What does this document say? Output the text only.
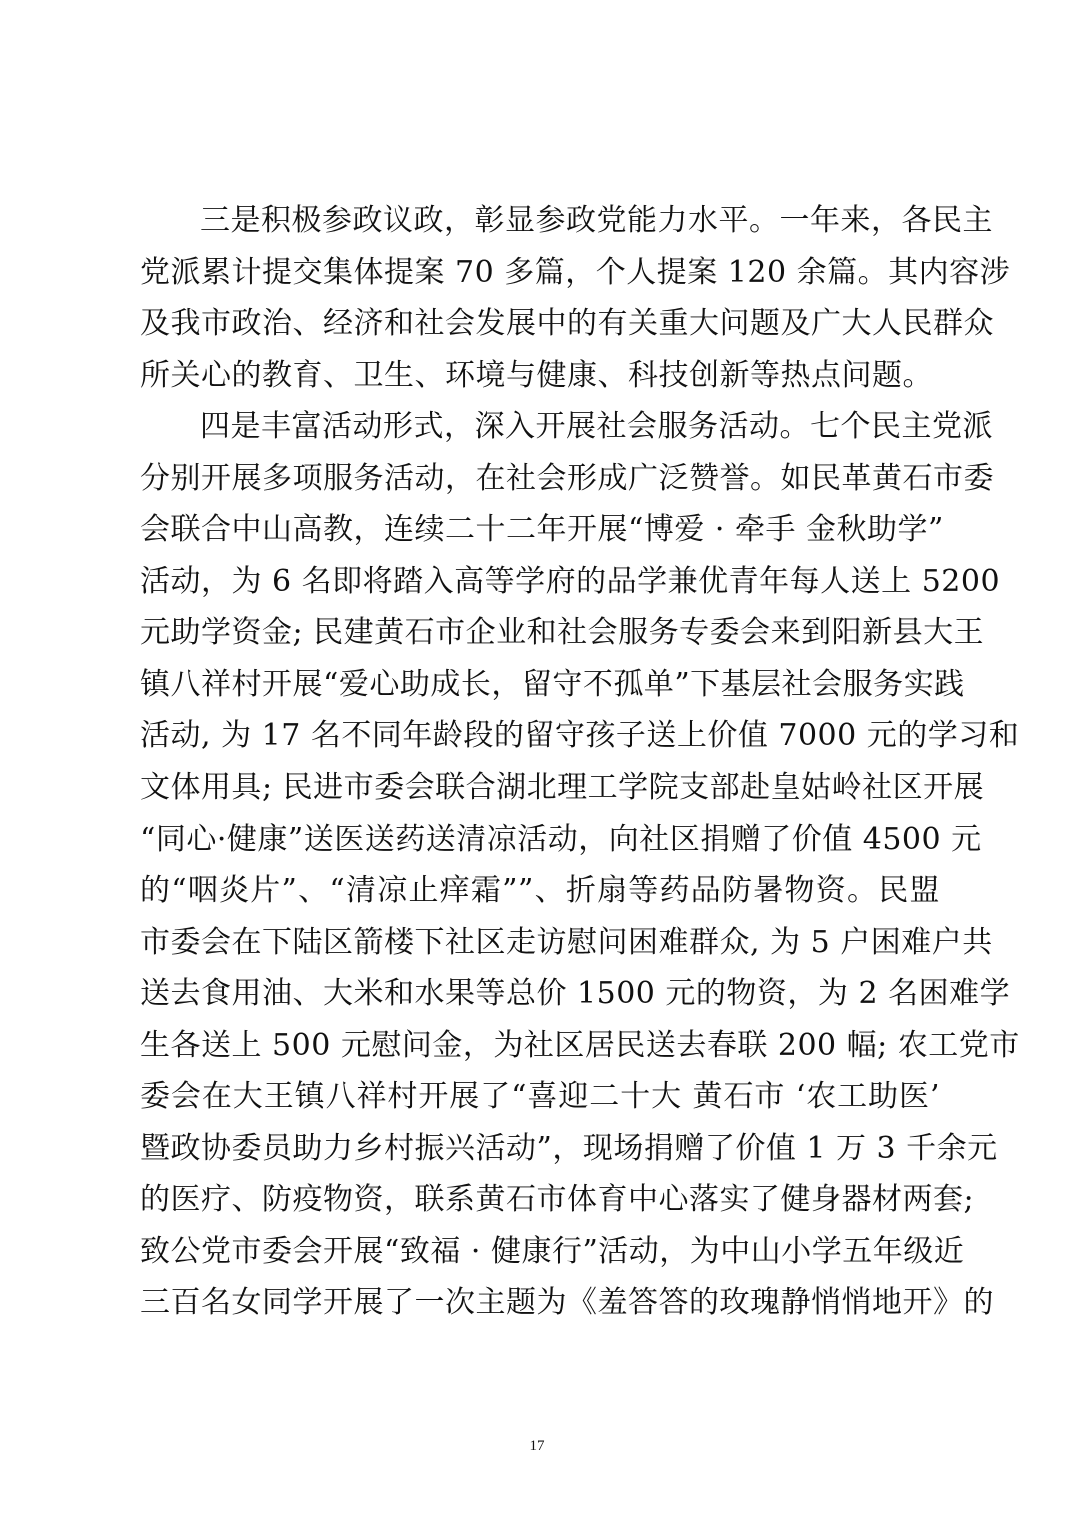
三是积极参政议政，彰显参政党能力水平。一年来，各民主
党派累计提交集体提案 70 多篇，个人提案 120 余篇。其内容涉
及我市政治、经济和社会发展中的有关重大问题及广大人民群众
所关心的教育、卫生、环境与健康、科技创新等热点问题。
四是丰富活动形式，深入开展社会服务活动。七个民主党派
分别开展多项服务活动，在社会形成广泛赞誉。如民革黄石市委
会联合中山高教，连续二十二年开展“博爱 · 牵手 金秋助学”
活动，为 6 名即将踏入高等学府的品学兼优青年每人送上 5200
元助学资金; 民建黄石市企业和社会服务专委会来到阳新县大王
镇八祥村开展“爱心助成长，留守不孤单”下基层社会服务实践
活动, 为 17 名不同年龄段的留守孩子送上价值 7000 元的学习和
文体用具; 民进市委会联合湖北理工学院支部赴皇姑岭社区开展
“同心·健康”送医送药送清凉活动，向社区捐赠了价值 4500 元
的“咽炎片”、“清凉止痒霜””、折扇等药品防暑物资。民盟
市委会在下陆区箭楼下社区走访慰问困难群众, 为 5 户困难户共
送去食用油、大米和水果等总价 1500 元的物资，为 2 名困难学
生各送上 500 元慰问金，为社区居民送去春联 200 幅; 农工党市
委会在大王镇八祥村开展了“喜迎二十大 黄石市 ‘农工助医’
暨政协委员助力乡村振兴活动”，现场捐赠了价值 1 万 3 千余元
的医疗、防疫物资，联系黄石市体育中心落实了健身器材两套;
致公党市委会开展“致福 · 健康行”活动，为中山小学五年级近
三百名女同学开展了一次主题为《羞答答的玫瑰静悄悄地开》的
17
